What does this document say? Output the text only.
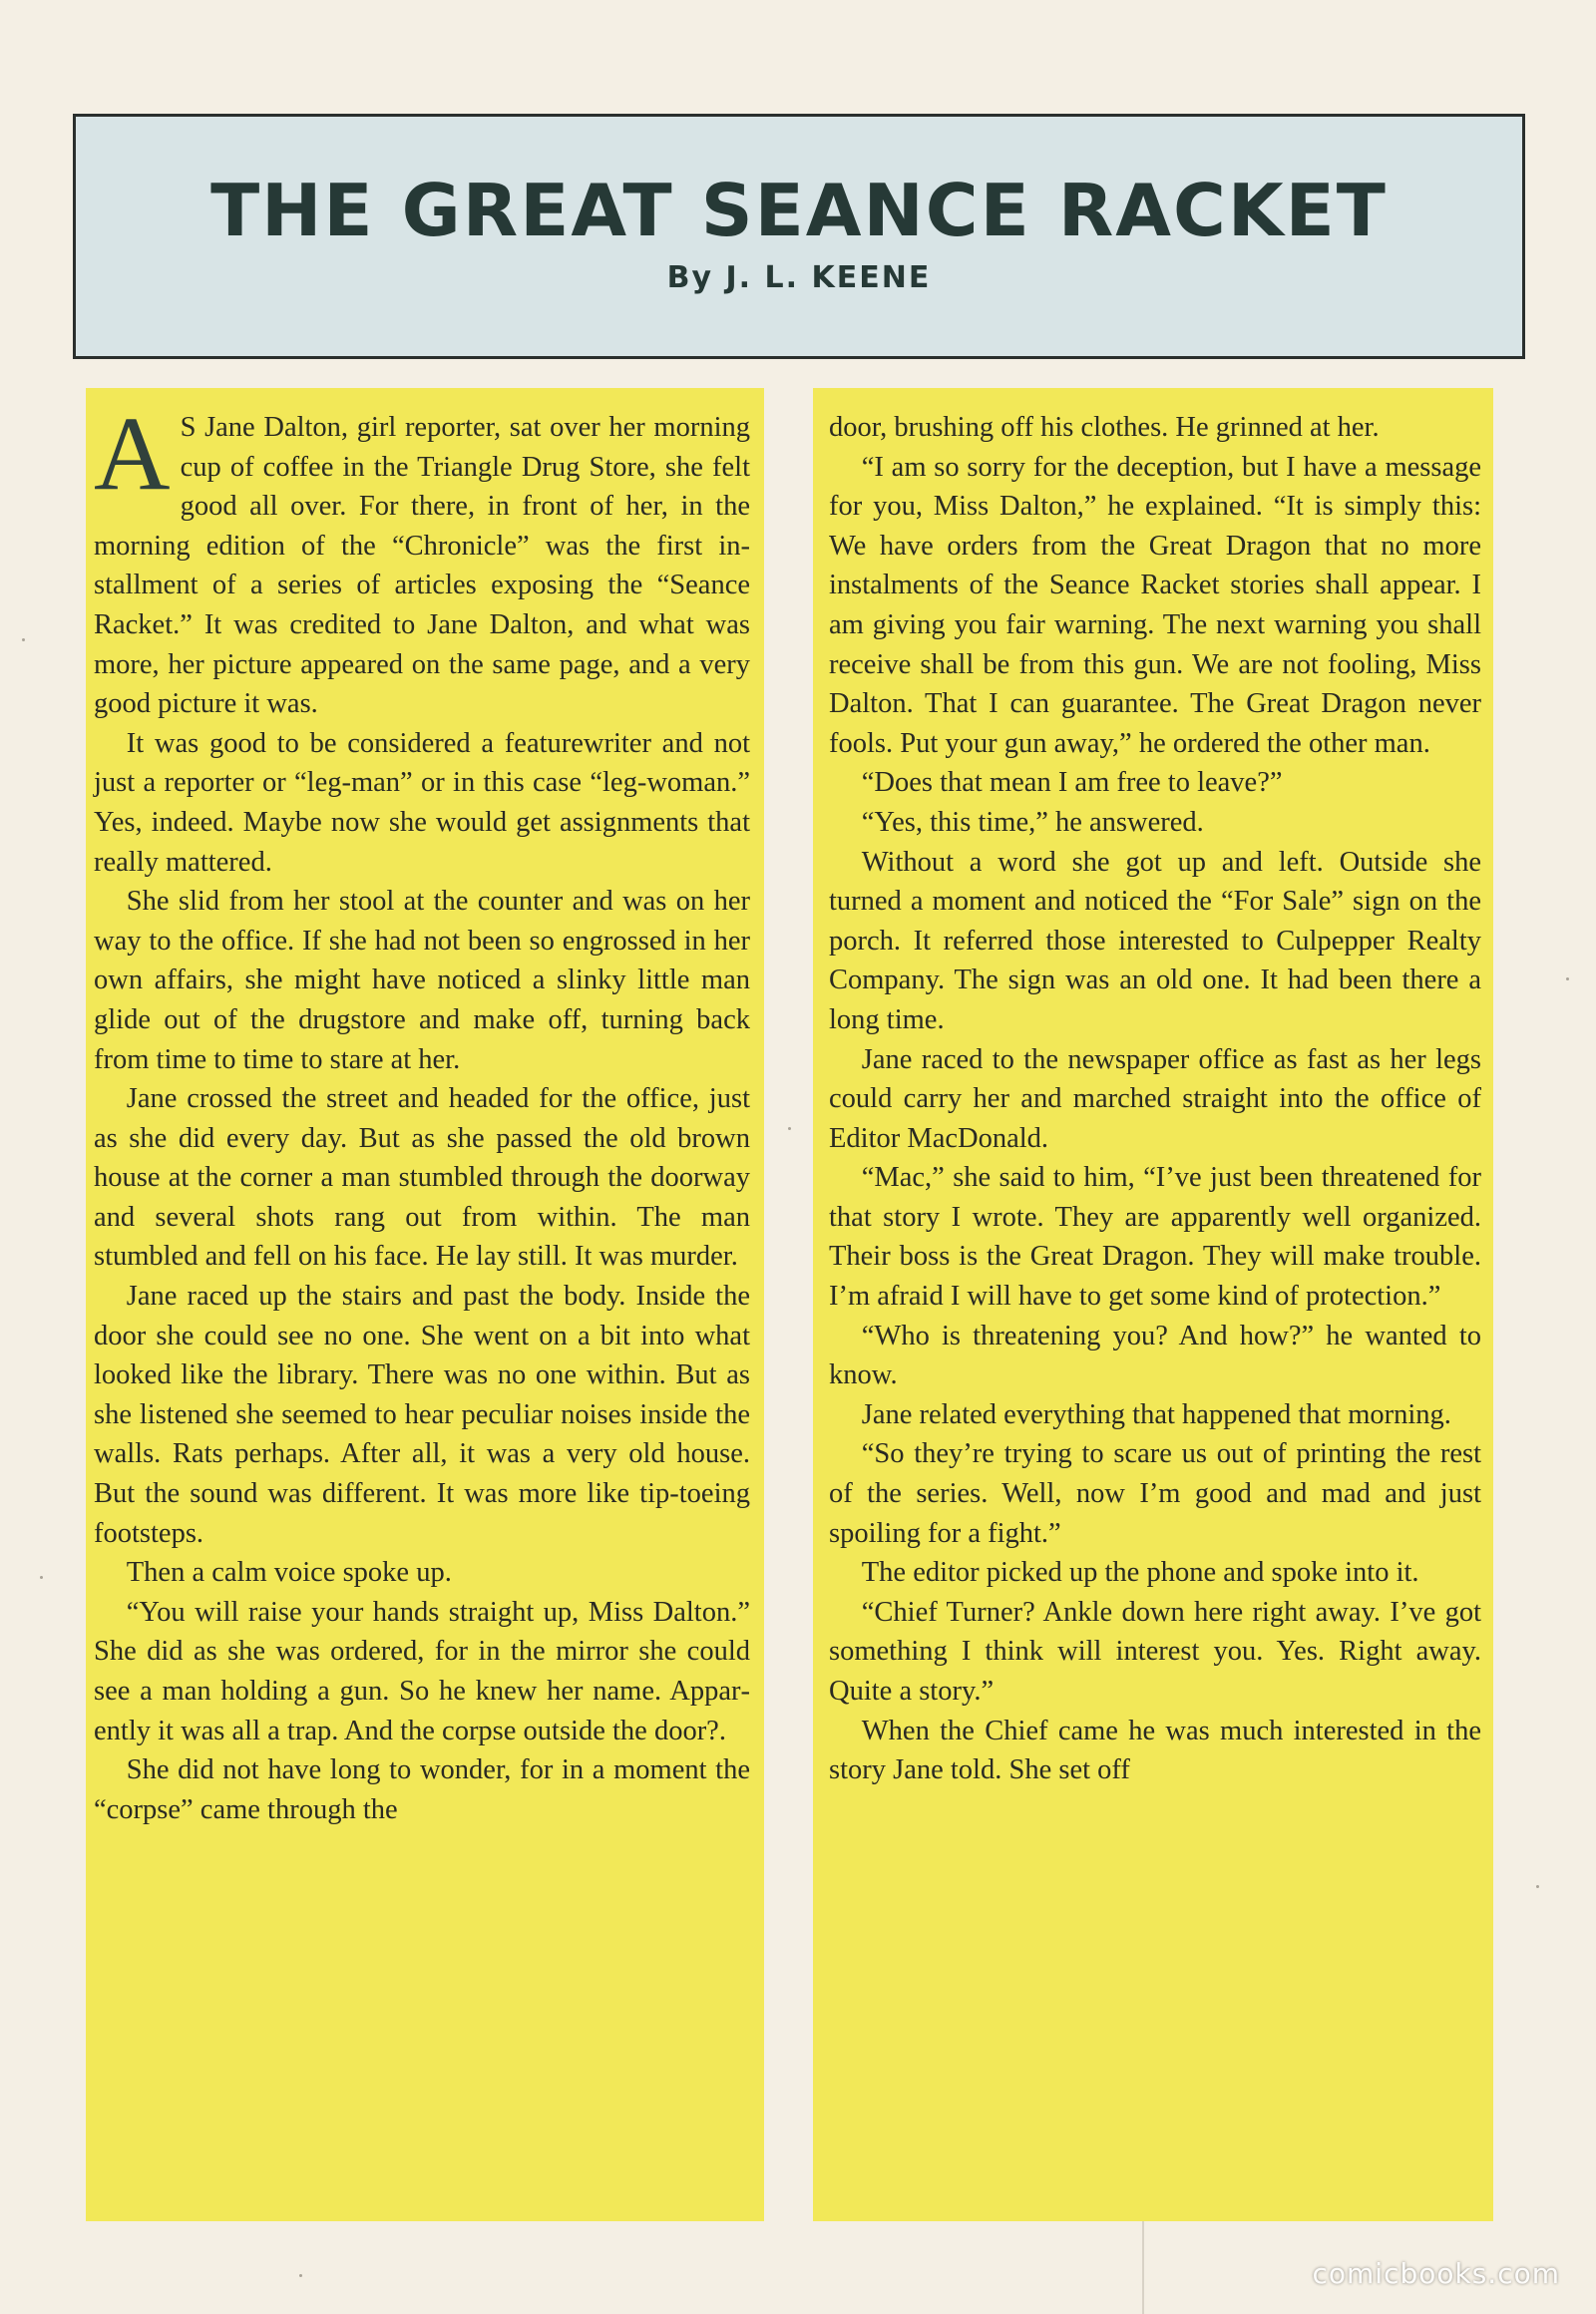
THE GREAT SEANCE RACKET
By J. L. KEENE

A S Jane Dalton, girl reporter, sat over her morning cup of coffee in the Triangle Drug Store, she felt good all over. For there, in front of her, in the morning edition of the “Chronicle” was the first installment of a series of articles exposing the “Seance Racket.” It was credited to Jane Dalton, and what was more, her picture appeared on the same page, and a very good picture it was.

It was good to be considered a featurewriter and not just a reporter or “leg-man” or in this case “leg-woman.” Yes, indeed. Maybe now she would get assignments that really mattered.

She slid from her stool at the counter and was on her way to the office. If she had not been so engrossed in her own affairs, she might have noticed a slinky little man glide out of the drugstore and make off, turning back from time to time to stare at her.

Jane crossed the street and headed for the office, just as she did every day. But as she passed the old brown house at the corner a man stumbled through the doorway and several shots rang out from within. The man stumbled and fell on his face. He lay still. It was murder.

Jane raced up the stairs and past the body. Inside the door she could see no one. She went on a bit into what looked like the library. There was no one within. But as she listened she seemed to hear peculiar noises inside the walls. Rats perhaps. After all, it was a very old house. But the sound was different. It was more like tip-toeing footsteps.

Then a calm voice spoke up.

“You will raise your hands straight up, Miss Dalton.” She did as she was ordered, for in the mirror she could see a man holding a gun. So he knew her name. Apparently it was all a trap. And the corpse outside the door?.

She did not have long to wonder, for in a moment the “corpse” came through the

door, brushing off his clothes. He grinned at her.

“I am so sorry for the deception, but I have a message for you, Miss Dalton,” he explained. “It is simply this: We have orders from the Great Dragon that no more instalments of the Seance Racket stories shall appear. I am giving you fair warning. The next warning you shall receive shall be from this gun. We are not fooling, Miss Dalton. That I can guarantee. The Great Dragon never fools. Put your gun away,” he ordered the other man.

“Does that mean I am free to leave?”

“Yes, this time,” he answered.

Without a word she got up and left. Outside she turned a moment and noticed the “For Sale” sign on the porch. It referred those interested to Culpepper Realty Company. The sign was an old one. It had been there a long time.

Jane raced to the newspaper office as fast as her legs could carry her and marched straight into the office of Editor MacDonald.

“Mac,” she said to him, “I’ve just been threatened for that story I wrote. They are apparently well organized. Their boss is the Great Dragon. They will make trouble. I’m afraid I will have to get some kind of protection.”

“Who is threatening you? And how?” he wanted to know.

Jane related everything that happened that morning.

“So they’re trying to scare us out of printing the rest of the series. Well, now I’m good and mad and just spoiling for a fight.”

The editor picked up the phone and spoke into it.

“Chief Turner? Ankle down here right away. I’ve got something I think will interest you. Yes. Right away. Quite a story.”

When the Chief came he was much interested in the story Jane told. She set off

comicbooks.com
